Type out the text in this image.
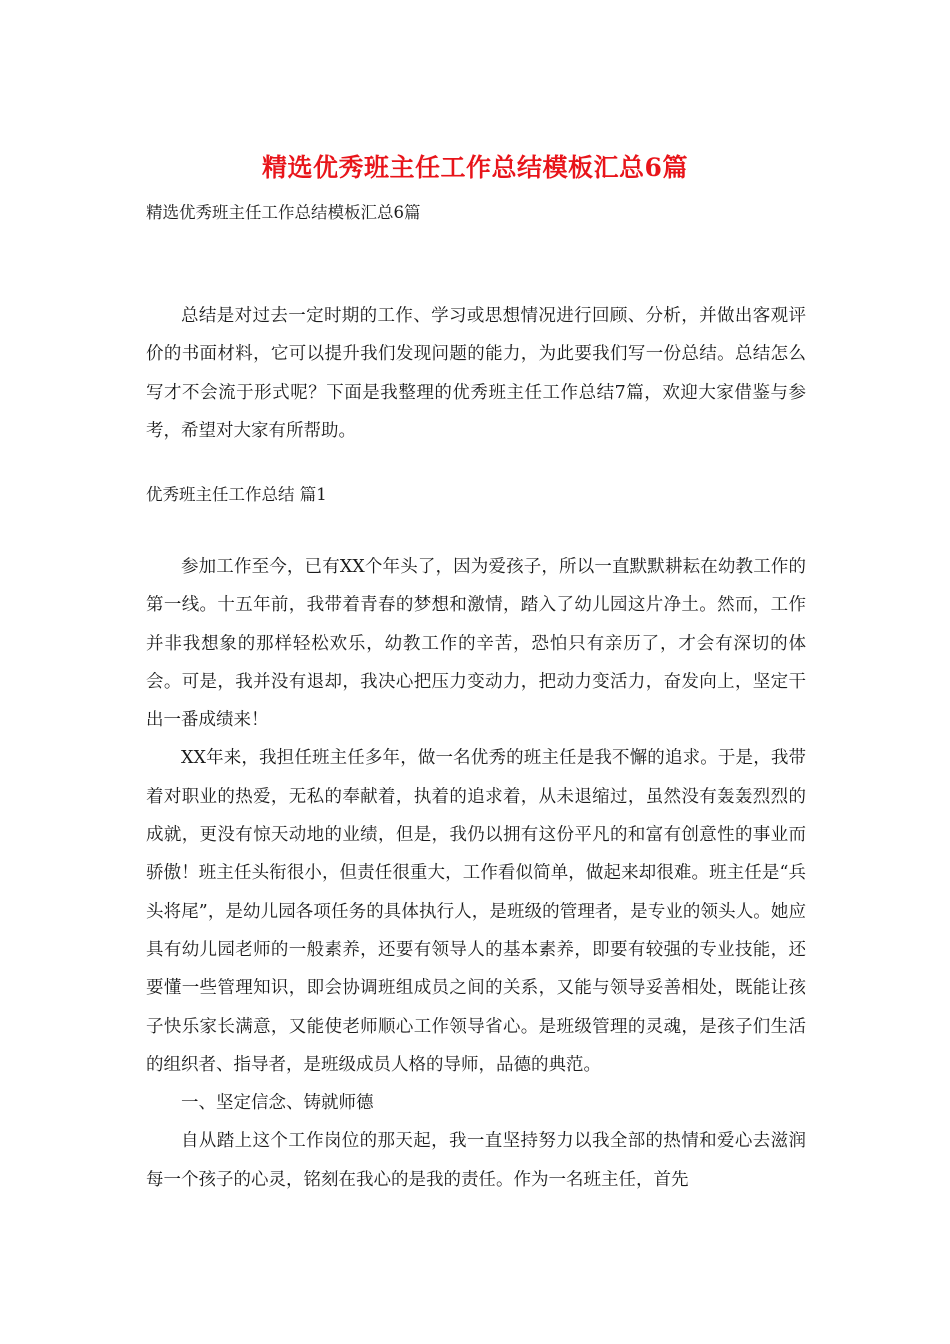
精选优秀班主任工作总结模板汇总6篇
精选优秀班主任工作总结模板汇总6篇

总结是对过去一定时期的工作、学习或思想情况进行回顾、分析，并做出客观评价的书面材料，它可以提升我们发现问题的能力，为此要我们写一份总结。总结怎么写才不会流于形式呢？下面是我整理的优秀班主任工作总结7篇，欢迎大家借鉴与参考，希望对大家有所帮助。

优秀班主任工作总结 篇1

参加工作至今，已有XX个年头了，因为爱孩子，所以一直默默耕耘在幼教工作的第一线。十五年前，我带着青春的梦想和激情，踏入了幼儿园这片净土。然而，工作并非我想象的那样轻松欢乐，幼教工作的辛苦，恐怕只有亲历了，才会有深切的体会。可是，我并没有退却，我决心把压力变动力，把动力变活力，奋发向上，坚定干出一番成绩来！

XX年来，我担任班主任多年，做一名优秀的班主任是我不懈的追求。于是，我带着对职业的热爱，无私的奉献着，执着的追求着，从未退缩过，虽然没有轰轰烈烈的成就，更没有惊天动地的业绩，但是，我仍以拥有这份平凡的和富有创意性的事业而骄傲！班主任头衔很小，但责任很重大，工作看似简单，做起来却很难。班主任是“兵头将尾”，是幼儿园各项任务的具体执行人，是班级的管理者，是专业的领头人。她应具有幼儿园老师的一般素养，还要有领导人的基本素养，即要有较强的专业技能，还要懂一些管理知识，即会协调班组成员之间的关系，又能与领导妥善相处，既能让孩子快乐家长满意，又能使老师顺心工作领导省心。是班级管理的灵魂，是孩子们生活的组织者、指导者，是班级成员人格的导师，品德的典范。

一、坚定信念、铸就师德

自从踏上这个工作岗位的那天起，我一直坚持努力以我全部的热情和爱心去滋润每一个孩子的心灵，铭刻在我心的是我的责任。作为一名班主任，首先
